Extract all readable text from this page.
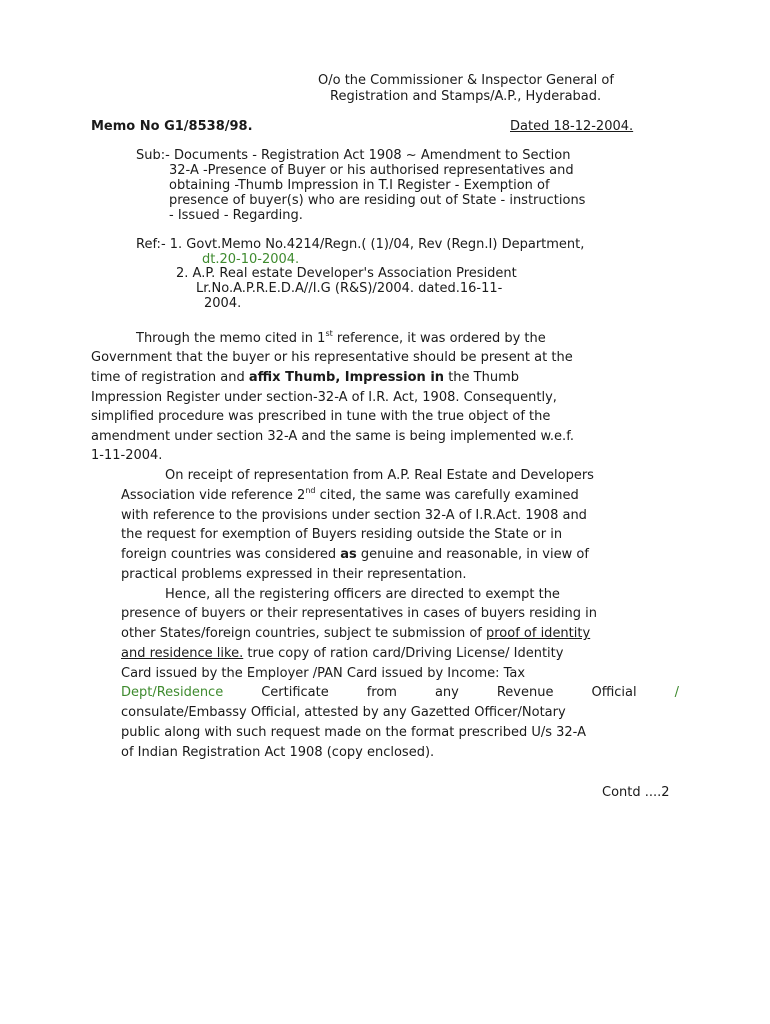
O/o the Commissioner & Inspector General of
Registration and Stamps/A.P., Hyderabad.
Memo No G1/8538/98.	Dated 18-12-2004.
Sub:- Documents - Registration Act 1908 ~ Amendment to Section
32-A -Presence of Buyer or his authorised representatives and
obtaining -Thumb Impression in T.I Register - Exemption of
presence of buyer(s) who are residing out of State - instructions
- Issued - Regarding.
Ref:- 1. Govt.Memo No.4214/Regn.( (1)/04, Rev (Regn.I) Department,
dt.20-10-2004.
2. A.P. Real estate Developer's Association President
Lr.No.A.P.R.E.D.A//I.G (R&S)/2004. dated.16-11-
2004.
Through the memo cited in 1st reference, it was ordered by the
Government that the buyer or his representative should be present at the
time of registration and affix Thumb, Impression in the Thumb
Impression Register under section-32-A of I.R. Act, 1908. Consequently,
simplified procedure was prescribed in tune with the true object of the
amendment under section 32-A and the same is being implemented w.e.f.
1-11-2004.
On receipt of representation from A.P. Real Estate and Developers
Association vide reference 2nd cited, the same was carefully examined
with reference to the provisions under section 32-A of I.R.Act. 1908 and
the request for exemption of Buyers residing outside the State or in
foreign countries was considered as genuine and reasonable, in view of
practical problems expressed in their representation.
Hence, all the registering officers are directed to exempt the
presence of buyers or their representatives in cases of buyers residing in
other States/foreign countries, subject te submission of proof of identity
and residence like. true copy of ration card/Driving License/ Identity
Card issued by the Employer /PAN Card issued by Income: Tax
Dept/Residence	Certificate	from	any	Revenue	Official	/
consulate/Embassy Official, attested by any Gazetted Officer/Notary
public along with such request made on the format prescribed U/s 32-A
of Indian Registration Act 1908 (copy enclosed).
Contd ....2
